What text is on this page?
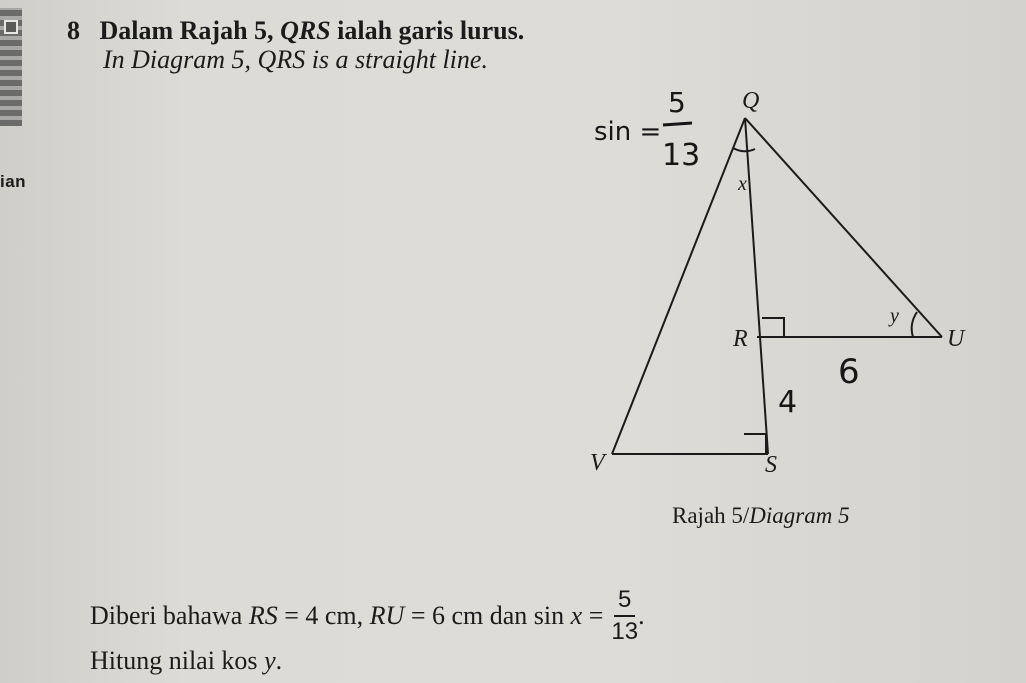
ian
8 Dalam Rajah 5, QRS ialah garis lurus.
In Diagram 5, QRS is a straight line.
Q
R
S
U
V
x
y
sin =
5
13
6
4
Rajah 5/Diagram 5
Diberi bahawa
RS
= 4 cm,
RU
= 6 cm dan sin
x
= $\frac{5}{13}$ .
Hitung nilai kos y.
